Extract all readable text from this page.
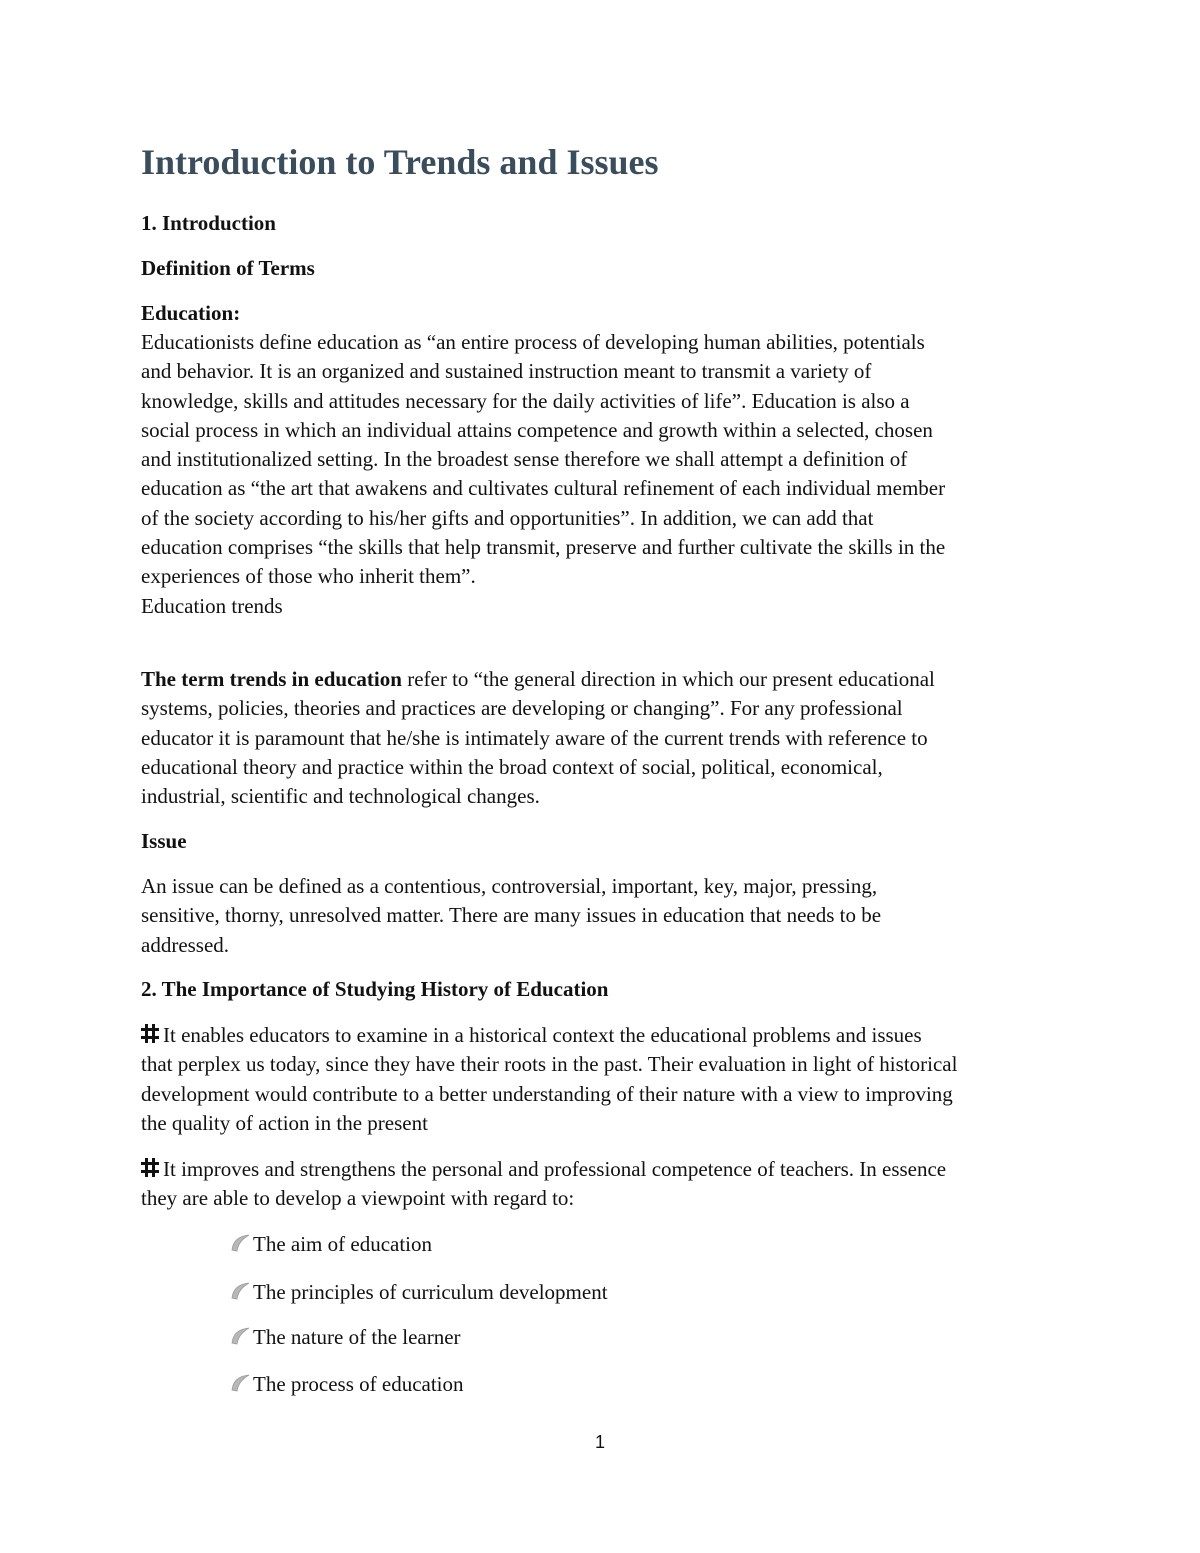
Introduction to Trends and Issues
1. Introduction
Definition of Terms
Education:
Educationists define education as “an entire process of developing human abilities, potentials
and behavior. It is an organized and sustained instruction meant to transmit a variety of
knowledge, skills and attitudes necessary for the daily activities of life”. Education is also a
social process in which an individual attains competence and growth within a selected, chosen
and institutionalized setting. In the broadest sense therefore we shall attempt a definition of
education as “the art that awakens and cultivates cultural refinement of each individual member
of the society according to his/her gifts and opportunities”. In addition, we can add that
education comprises “the skills that help transmit, preserve and further cultivate the skills in the
experiences of those who inherit them”.
Education trends
The term trends in education refer to “the general direction in which our present educational
systems, policies, theories and practices are developing or changing”. For any professional
educator it is paramount that he/she is intimately aware of the current trends with reference to
educational theory and practice within the broad context of social, political, economical,
industrial, scientific and technological changes.
Issue
An issue can be defined as a contentious, controversial, important, key, major, pressing,
sensitive, thorny, unresolved matter. There are many issues in education that needs to be
addressed.
2. The Importance of Studying History of Education
It enables educators to examine in a historical context the educational problems and issues
that perplex us today, since they have their roots in the past. Their evaluation in light of historical
development would contribute to a better understanding of their nature with a view to improving
the quality of action in the present
It improves and strengthens the personal and professional competence of teachers. In essence
they are able to develop a viewpoint with regard to:
The aim of education
The principles of curriculum development
The nature of the learner
The process of education
1
